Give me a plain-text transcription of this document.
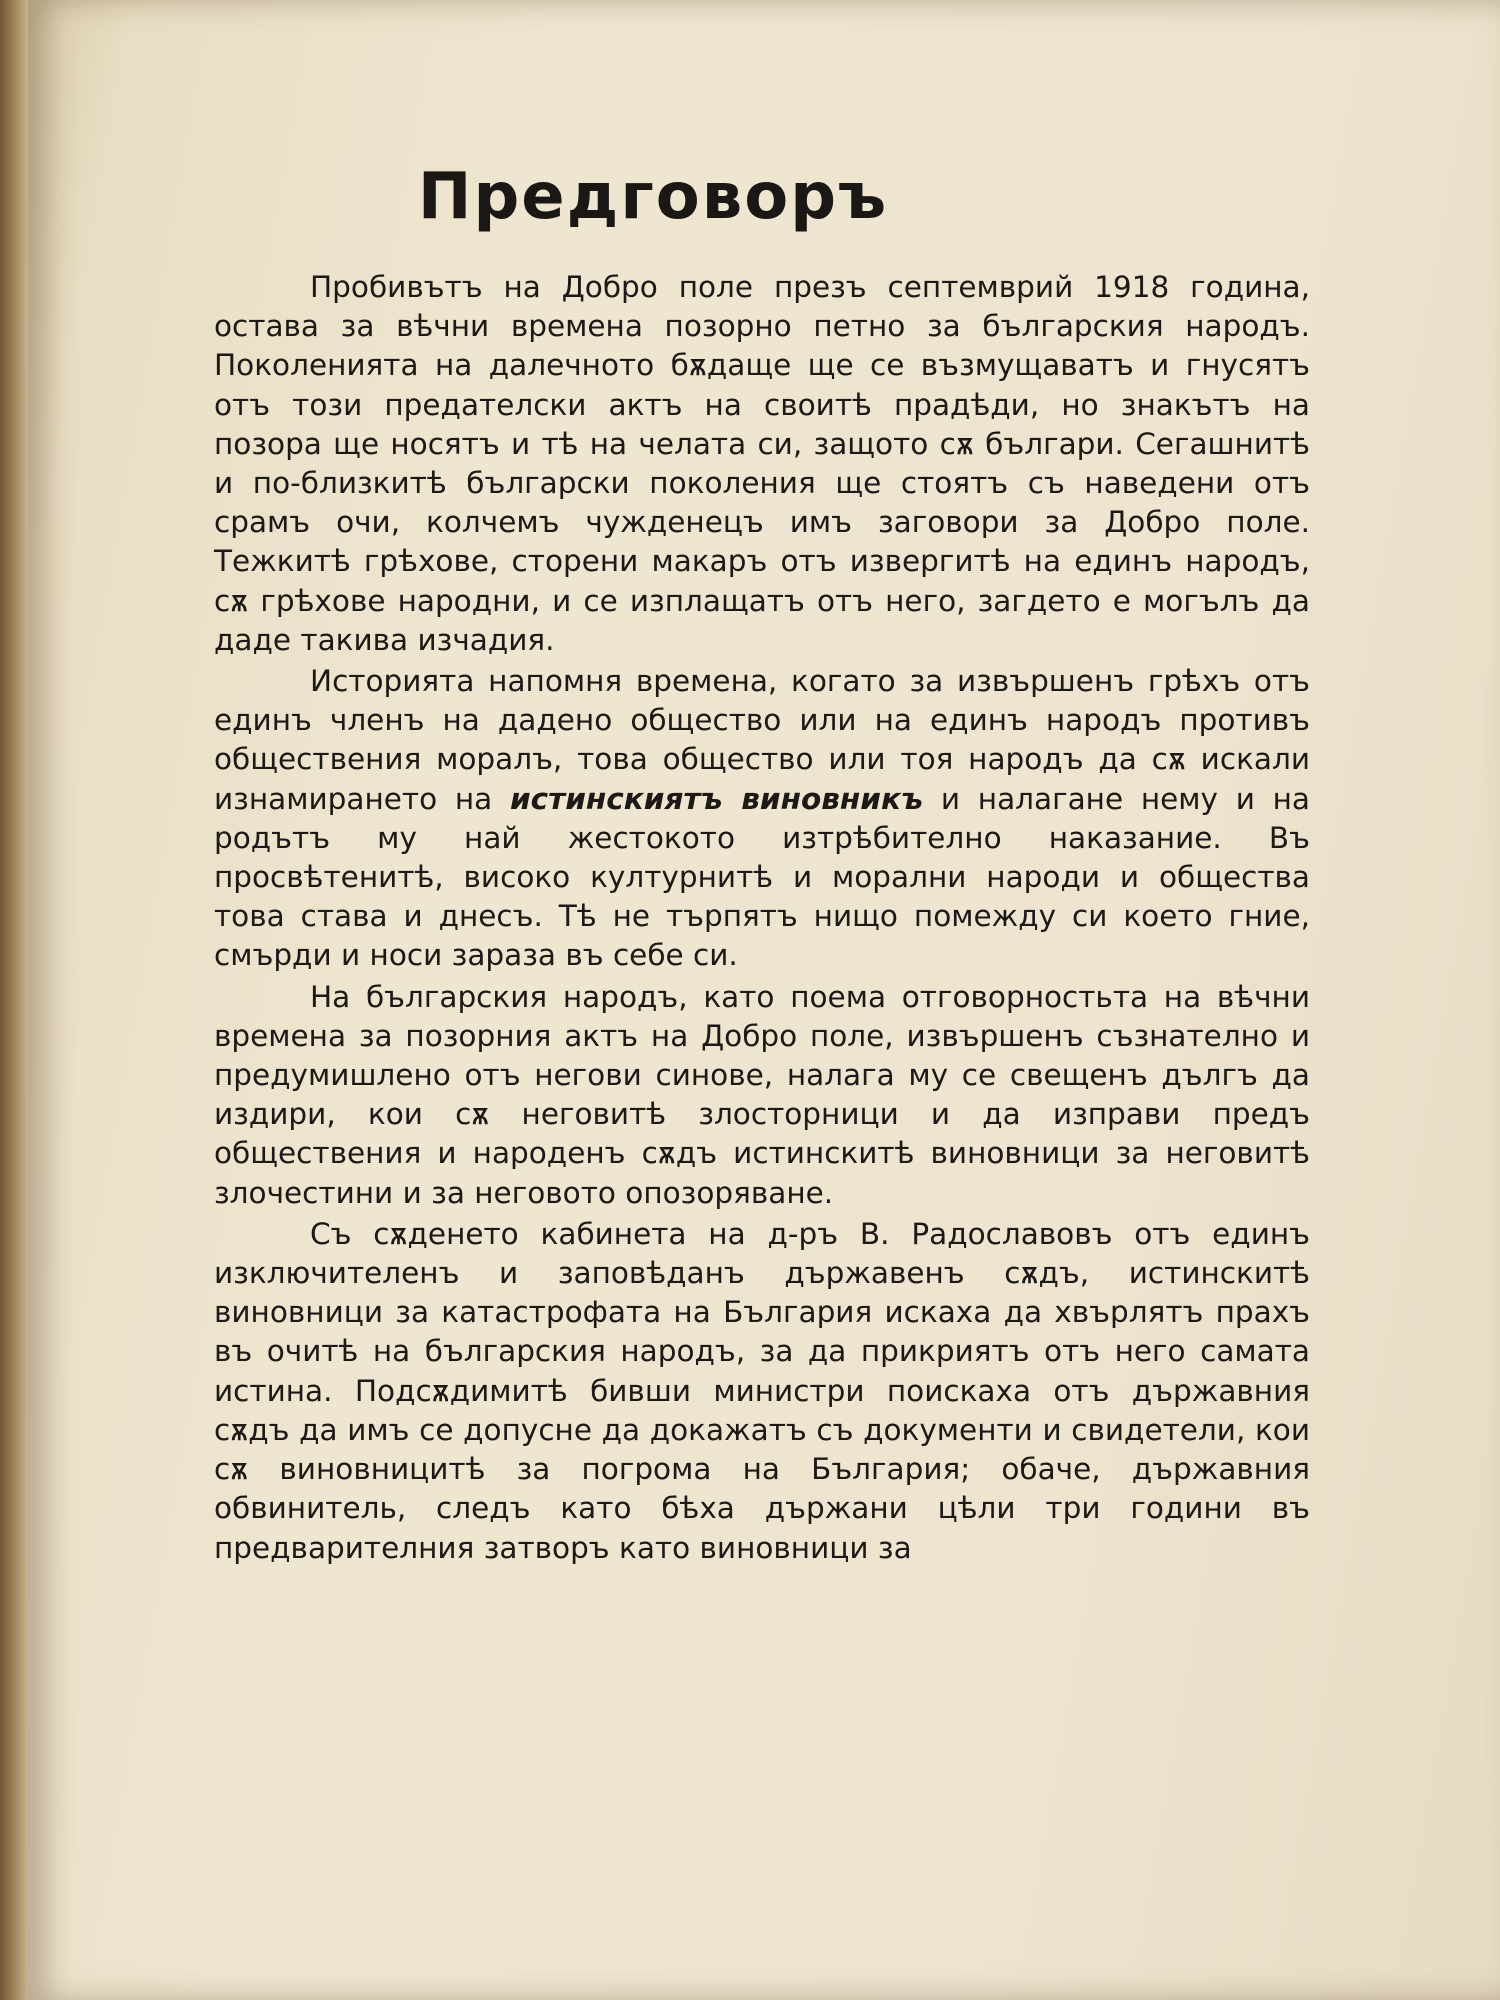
Предговоръ

Пробивътъ на Добро поле презъ септемврий 1918 година, остава за вѣчни времена позорно петно за българския народъ. Поколенията на далечното бѫдаще ще се възмущаватъ и гнусятъ отъ този предателски актъ на своитѣ прадѣди, но знакътъ на позора ще носятъ и тѣ на челата си, защото сѫ българи. Сегашнитѣ и по-близкитѣ български поколения ще стоятъ съ наведени отъ срамъ очи, колчемъ чужденецъ имъ заговори за Добро поле. Тежкитѣ грѣхове, сторени макаръ отъ извергитѣ на единъ народъ, сѫ грѣхове народни, и се изплащатъ отъ него, загдето е могълъ да даде такива изчадия.

Историята напомня времена, когато за извършенъ грѣхъ отъ единъ членъ на дадено общество или на единъ народъ противъ обществения моралъ, това общество или тоя народъ да сѫ искали изнамирането на истинскиятъ виновникъ и налагане нему и на родътъ му най жестокото изтрѣбително наказание. Въ просвѣтенитѣ, високо културнитѣ и морални народи и общества това става и днесъ. Тѣ не търпятъ нищо помежду си което гние, смърди и носи зараза въ себе си.

На българския народъ, като поема отговорностьта на вѣчни времена за позорния актъ на Добро поле, извършенъ съзнателно и предумишлено отъ негови синове, налага му се свещенъ дългъ да издири, кои сѫ неговитѣ злосторници и да изправи предъ обществения и народенъ сѫдъ истинскитѣ виновници за неговитѣ злочестини и за неговото опозоряване.

Съ сѫденето кабинета на д-ръ В. Радославовъ отъ единъ изключителенъ и заповѣданъ държавенъ сѫдъ, истинскитѣ виновници за катастрофата на България искаха да хвърлятъ прахъ въ очитѣ на българския народъ, за да прикриятъ отъ него самата истина. Подсѫдимитѣ бивши министри поискаха отъ държавния сѫдъ да имъ се допусне да докажатъ съ документи и свидетели, кои сѫ виновницитѣ за погрома на България; обаче, държавния обвинитель, следъ като бѣха държани цѣли три години въ предварителния затворъ като виновници за
